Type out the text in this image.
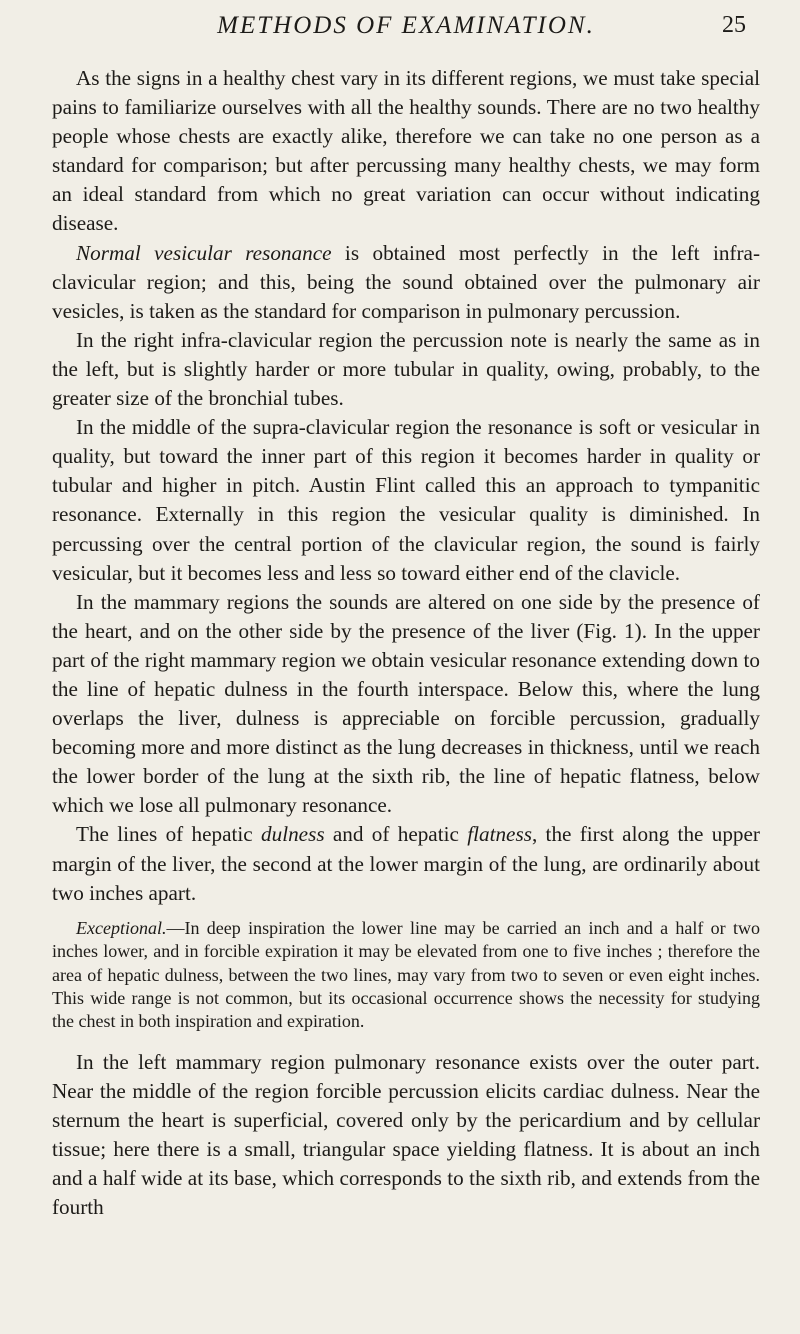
METHODS OF EXAMINATION.	25

As the signs in a healthy chest vary in its different regions, we must take special pains to familiarize ourselves with all the healthy sounds. There are no two healthy people whose chests are exactly alike, therefore we can take no one person as a standard for comparison; but after percussing many healthy chests, we may form an ideal standard from which no great variation can occur without indicating disease.

Normal vesicular resonance is obtained most perfectly in the left infra-clavicular region; and this, being the sound obtained over the pulmonary air vesicles, is taken as the standard for comparison in pulmonary percussion.

In the right infra-clavicular region the percussion note is nearly the same as in the left, but is slightly harder or more tubular in quality, owing, probably, to the greater size of the bronchial tubes.

In the middle of the supra-clavicular region the resonance is soft or vesicular in quality, but toward the inner part of this region it becomes harder in quality or tubular and higher in pitch. Austin Flint called this an approach to tympanitic resonance. Externally in this region the vesicular quality is diminished. In percussing over the central portion of the clavicular region, the sound is fairly vesicular, but it becomes less and less so toward either end of the clavicle.

In the mammary regions the sounds are altered on one side by the presence of the heart, and on the other side by the presence of the liver (Fig. 1). In the upper part of the right mammary region we obtain vesicular resonance extending down to the line of hepatic dulness in the fourth interspace. Below this, where the lung overlaps the liver, dulness is appreciable on forcible percussion, gradually becoming more and more distinct as the lung decreases in thickness, until we reach the lower border of the lung at the sixth rib, the line of hepatic flatness, below which we lose all pulmonary resonance.

The lines of hepatic dulness and of hepatic flatness, the first along the upper margin of the liver, the second at the lower margin of the lung, are ordinarily about two inches apart.

Exceptional.—In deep inspiration the lower line may be carried an inch and a half or two inches lower, and in forcible expiration it may be elevated from one to five inches ; therefore the area of hepatic dulness, between the two lines, may vary from two to seven or even eight inches. This wide range is not common, but its occasional occurrence shows the necessity for studying the chest in both inspiration and expiration.

In the left mammary region pulmonary resonance exists over the outer part. Near the middle of the region forcible percussion elicits cardiac dulness. Near the sternum the heart is superficial, covered only by the pericardium and by cellular tissue; here there is a small, triangular space yielding flatness. It is about an inch and a half wide at its base, which corresponds to the sixth rib, and extends from the fourth
